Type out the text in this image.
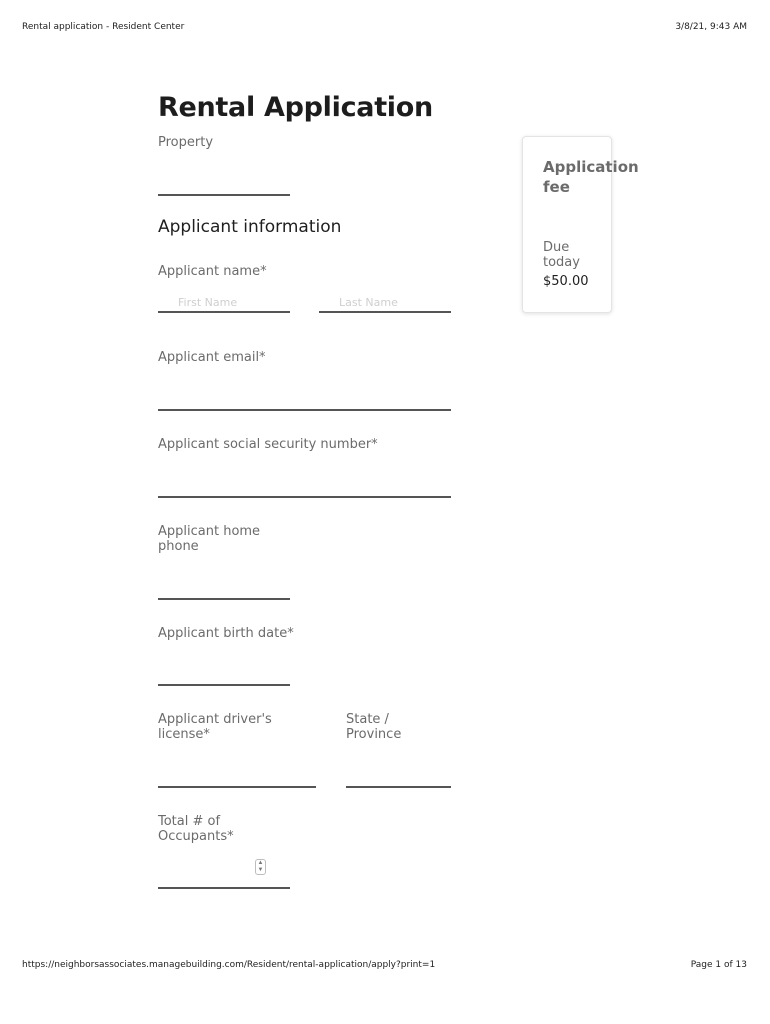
Rental application - Resident Center	3/8/21, 9:43 AM
Rental Application
Property
Applicant information
Applicant name*
First Name
Last Name
Applicant email*
Applicant social security number*
Applicant home
phone
Applicant birth date*
Applicant driver's
license*
State /
Province
Total # of
Occupants*
▲
▼
Application
fee
Due
today
$50.00
https://neighborsassociates.managebuilding.com/Resident/rental-application/apply?print=1	Page 1 of 13
